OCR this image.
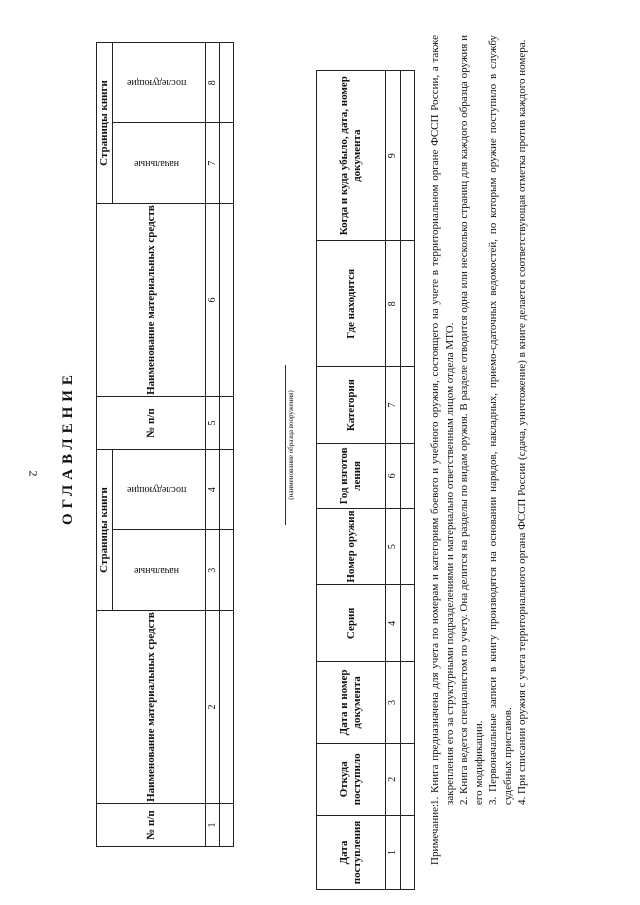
2 ОГЛАВЛЕНИЕ
№ п/п	Наименование материальных средств	Страницы книги		№ п/п	Наименование материальных средств	Страницы книги	
		начальные	последующие			начальные	последующие
1	2	3	4	5	6	7	8

(наименование образца вооружения)
Дата поступления	Откуда поступило	Дата и номер документа	Серия	Номер оружия	Год изготов ления	Категория	Где находится	Когда и куда убыло, дата, номер документа
1	2	3	4	5	6	7	8	9

Примечание:

1. Книга предназначена для учета по номерам и категориям боевого и учебного оружия, состоящего на учете в территориальном органе ФССП России, а также закрепления его за структурными подразделениями и материально ответственным лицом отдела МТО. 2. Книга ведется специалистом по учету. Она делится на разделы по видам оружия. В разделе отводится одна или несколько страниц для каждого образца оружия и его модификации. 3. Первоначальные записи в книгу производятся на основании нарядов, накладных, приемо-сдаточных ведомостей, по которым оружие поступило в службу судебных приставов. 4. При списании оружия с учета территориального органа ФССП России (сдача, уничтожение) в книге делается соответствующая отметка против каждого номера.
